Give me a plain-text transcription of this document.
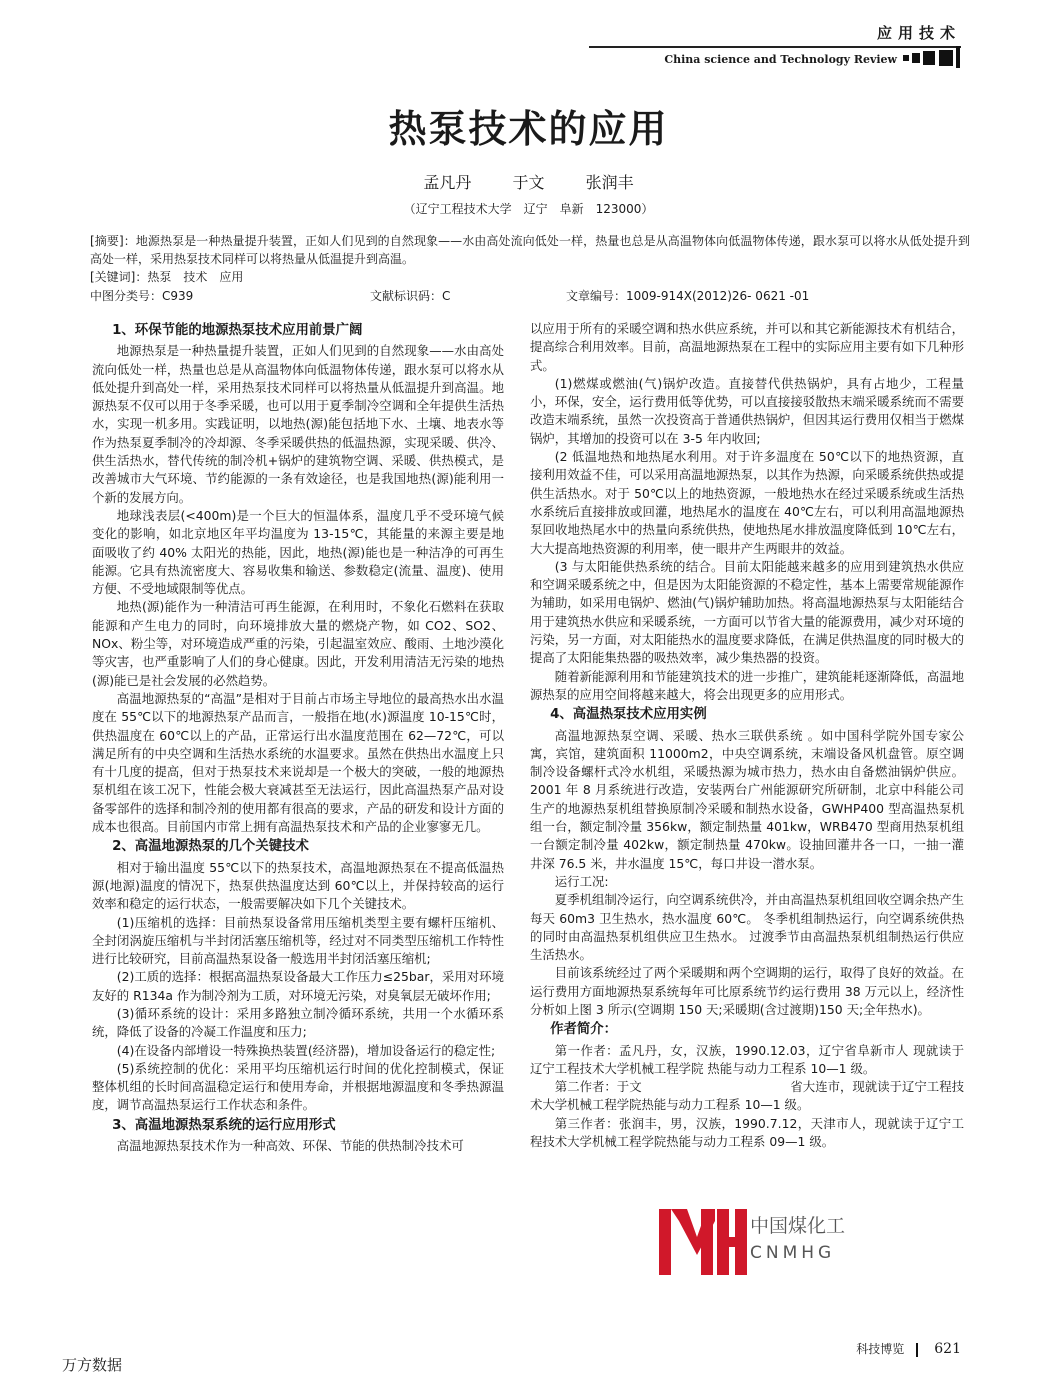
应用技术
China science and Technology Review
热泵技术的应用
孟凡丹	于文	张润丰
（辽宁工程技术大学　辽宁　阜新　123000）
[摘要]：地源热泵是一种热量提升装置，正如人们见到的自然现象——水由高处流向低处一样，热量也总是从高温物体向低温物体传递，跟水泵可以将水从低处提升到高处一样，采用热泵技术同样可以将热量从低温提升到高温。
[关键词]：热泵　技术　应用
中图分类号：C939	文献标识码：C	文章编号：1009-914X(2012)26- 0621 -01
1、环保节能的地源热泵技术应用前景广阔

地源热泵是一种热量提升装置，正如人们见到的自然现象——水由高处流向低处一样，热量也总是从高温物体向低温物体传递，跟水泵可以将水从低处提升到高处一样，采用热泵技术同样可以将热量从低温提升到高温。地源热泵不仅可以用于冬季采暖，也可以用于夏季制冷空调和全年提供生活热水，实现一机多用。实践证明，以地热(源)能包括地下水、土壤、地表水等作为热泵夏季制冷的冷却源、冬季采暖供热的低温热源，实现采暖、供冷、供生活热水，替代传统的制冷机+锅炉的建筑物空调、采暖、供热模式，是改善城市大气环境、节约能源的一条有效途径，也是我国地热(源)能利用一个新的发展方向。

地球浅表层(<400m)是一个巨大的恒温体系，温度几乎不受环境气候变化的影响，如北京地区年平均温度为 13-15℃，其能量的来源主要是地面吸收了约 40% 太阳光的热能，因此，地热(源)能也是一种洁净的可再生能源。它具有热流密度大、容易收集和输送、参数稳定(流量、温度)、使用方便、不受地域限制等优点。

地热(源)能作为一种清洁可再生能源，在利用时，不象化石燃料在获取能源和产生电力的同时，向环境排放大量的燃烧产物，如 CO2、SO2、NOx、粉尘等，对环境造成严重的污染，引起温室效应、酸雨、土地沙漠化等灾害，也严重影响了人们的身心健康。因此，开发利用清洁无污染的地热(源)能已是社会发展的必然趋势。

高温地源热泵的“高温”是相对于目前占市场主导地位的最高热水出水温度在 55℃以下的地源热泵产品而言，一般指在地(水)源温度 10-15℃时，供热温度在 60℃以上的产品，正常运行出水温度范围在 62—72℃，可以满足所有的中央空调和生活热水系统的水温要求。虽然在供热出水温度上只有十几度的提高，但对于热泵技术来说却是一个极大的突破，一般的地源热泵机组在该工况下，性能会极大衰减甚至无法运行，因此高温热泵产品对设备零部件的选择和制冷剂的使用都有很高的要求，产品的研发和设计方面的成本也很高。目前国内市常上拥有高温热泵技术和产品的企业寥寥无几。

2、高温地源热泵的几个关键技术

相对于输出温度 55℃以下的热泵技术，高温地源热泵在不提高低温热源(地源)温度的情况下，热泵供热温度达到 60℃以上，并保持较高的运行效率和稳定的运行状态，一般需要解决如下几个关键技术。

(1)压缩机的选择：目前热泵设备常用压缩机类型主要有螺杆压缩机、全封闭涡旋压缩机与半封闭活塞压缩机等，经过对不同类型压缩机工作特性进行比较研究，目前高温热泵设备一般选用半封闭活塞压缩机;

(2)工质的选择：根据高温热泵设备最大工作压力≤25bar，采用对环境友好的 R134a 作为制冷剂为工质，对环境无污染，对臭氧层无破坏作用;

(3)循环系统的设计：采用多路独立制冷循环系统，共用一个水循环系统，降低了设备的冷凝工作温度和压力;

(4)在设备内部增设一特殊换热装置(经济器)，增加设备运行的稳定性;

(5)系统控制的优化：采用平均压缩机运行时间的优化控制模式，保证整体机组的长时间高温稳定运行和使用寿命，并根据地源温度和冬季热源温度，调节高温热泵运行工作状态和条件。

3、高温地源热泵系统的运行应用形式

高温地源热泵技术作为一种高效、环保、节能的供热制冷技术可

以应用于所有的采暖空调和热水供应系统，并可以和其它新能源技术有机结合，提高综合利用效率。目前，高温地源热泵在工程中的实际应用主要有如下几种形式。

(1)燃煤或燃油(气)锅炉改造。直接替代供热锅炉，具有占地少，工程量小，环保，安全，运行费用低等优势，可以直接接驳散热末端采暖系统而不需要改造末端系统，虽然一次投资高于普通供热锅炉，但因其运行费用仅相当于燃煤锅炉，其增加的投资可以在 3-5 年内收回;

(2 低温地热和地热尾水利用。对于许多温度在 50℃以下的地热资源，直接利用效益不佳，可以采用高温地源热泵，以其作为热源，向采暖系统供热或提供生活热水。对于 50℃以上的地热资源，一般地热水在经过采暖系统或生活热水系统后直接排放或回灌，地热尾水的温度在 40℃左右，可以利用高温地源热泵回收地热尾水中的热量向系统供热，使地热尾水排放温度降低到 10℃左右，大大提高地热资源的利用率，使一眼井产生两眼井的效益。

(3 与太阳能供热系统的结合。目前太阳能越来越多的应用到建筑热水供应和空调采暖系统之中，但是因为太阳能资源的不稳定性，基本上需要常规能源作为辅助，如采用电锅炉、燃油(气)锅炉辅助加热。将高温地源热泵与太阳能结合用于建筑热水供应和采暖系统，一方面可以节省大量的能源费用，减少对环境的污染，另一方面，对太阳能热水的温度要求降低，在满足供热温度的同时极大的提高了太阳能集热器的吸热效率，减少集热器的投资。

随着新能源利用和节能建筑技术的进一步推广，建筑能耗逐渐降低，高温地源热泵的应用空间将越来越大，将会出现更多的应用形式。

4、高温热泵技术应用实例

高温地源热泵空调、采暖、热水三联供系统 。如中国科学院外国专家公寓，宾馆，建筑面积 11000m2，中央空调系统，末端设备风机盘管。原空调制冷设备螺杆式冷水机组，采暖热源为城市热力，热水由自备燃油锅炉供应。2001 年 8 月系统进行改造，安装两台广州能源研究所研制，北京中科能公司生产的地源热泵机组替换原制冷采暖和制热水设备，GWHP400 型高温热泵机组一台，额定制冷量 356kw，额定制热量 401kw，WRB470 型商用热泵机组一台额定制冷量 402kw，额定制热量 470kw。设抽回灌井各一口，一抽一灌井深 76.5 米，井水温度 15℃，每口井设一潜水泵。

运行工况:

夏季机组制冷运行，向空调系统供冷，并由高温热泵机组回收空调余热产生每天 60m3 卫生热水，热水温度 60℃。 冬季机组制热运行，向空调系统供热的同时由高温热泵机组供应卫生热水。 过渡季节由高温热泵机组制热运行供应生活热水。

目前该系统经过了两个采暖期和两个空调期的运行，取得了良好的效益。在运行费用方面地源热泵系统每年可比原系统节约运行费用 38 万元以上，经济性分析如上图 3 所示(空调期 150 天;采暖期(含过渡期)150 天;全年热水)。

作者简介：

第一作者：孟凡丹，女，汉族，1990.12.03，辽宁省阜新市人 现就读于辽宁工程技术大学机械工程学院 热能与动力工程系 10—1 级。

第二作者：于文　　　　　　　　　　　　省大连市，现就读于辽宁工程技术大学机械工程学院热能与动力工程系 10—1 级。

第三作者：张润丰，男，汉族，1990.7.12，天津市人，现就读于辽宁工程技术大学机械工程学院热能与动力工程系 09—1 级。

中国煤化工
CNMHG
科技博览 621
万方数据
